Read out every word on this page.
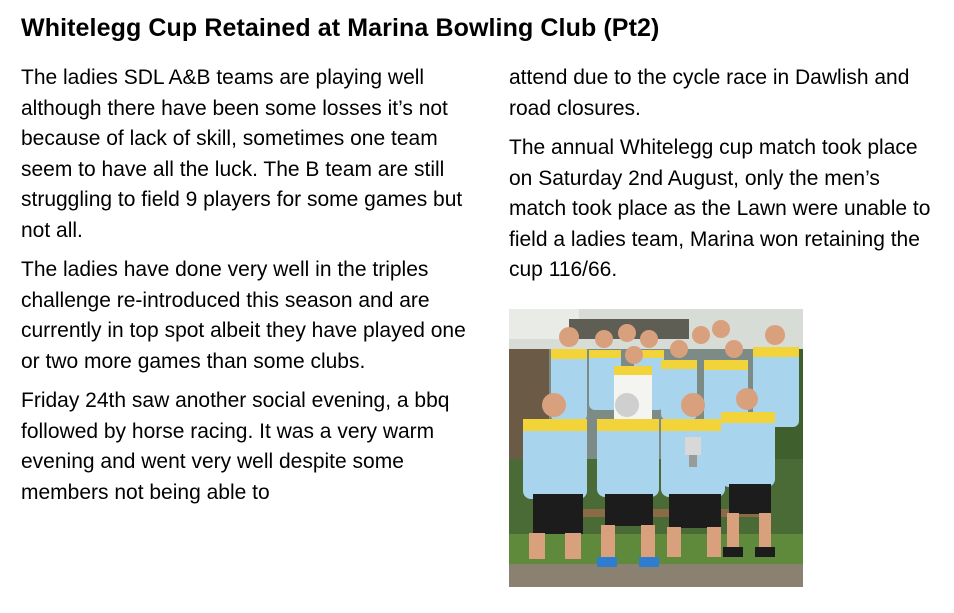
Whitelegg Cup Retained at Marina Bowling Club (Pt2)

The ladies SDL A&B teams are playing well although there have been some losses it’s not because of lack of skill, sometimes one team seem to have all the luck. The B team are still struggling to field 9 players for some games but not all.

The ladies have done very well in the triples challenge re-introduced this season and are currently in top spot albeit they have played one or two more games than some clubs.

Friday 24th saw another social evening, a bbq followed by horse racing. It was a very warm evening and went very well despite some members not being able to

attend due to the cycle race in Dawlish and road closures.

The annual Whitelegg cup match took place on Saturday 2nd August, only the men’s match took place as the Lawn were unable to field a ladies team, Marina won retaining the cup 116/66.
